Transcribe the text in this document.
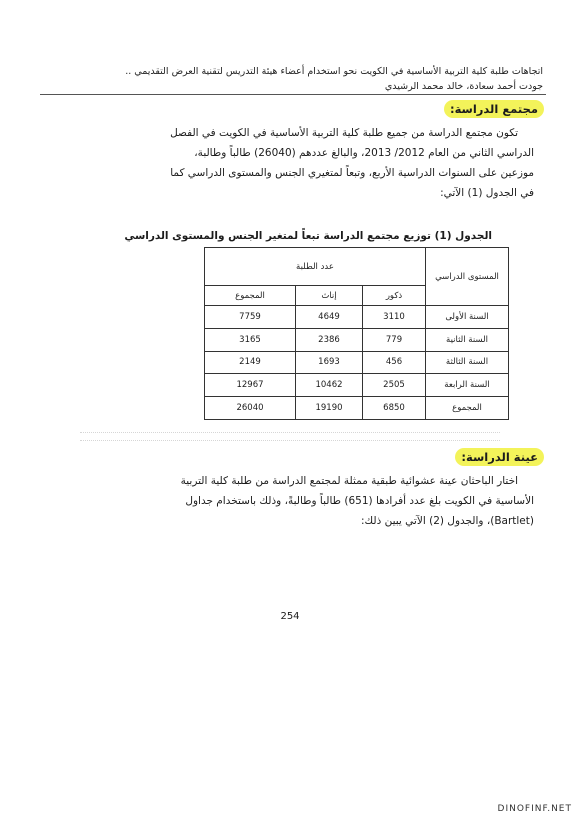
اتجاهات طلبة كلية التربية الأساسية في الكويت نحو استخدام أعضاء هيئة التدريس لتقنية العرض التقديمي ..
جودت أحمد سعادة، خالد محمد الرشيدي
مجتمع الدراسة:
تكون مجتمع الدراسة من جميع طلبة كلية التربية الأساسية في الكويت في الفصل
الدراسي الثاني من العام 2012/ 2013، والبالغ عددهم (26040) طالباً وطالبة،
موزعين على السنوات الدراسية الأربع، وتبعاً لمتغيري الجنس والمستوى الدراسي كما
في الجدول (1) الآتي:
الجدول (1) توزيع مجتمع الدراسة تبعاً لمتغير الجنس والمستوى الدراسي
المستوى الدراسي	عدد الطلبة		
	ذكور	إناث	المجموع
السنة الأولى	3110	4649	7759
السنة الثانية	779	2386	3165
السنة الثالثة	456	1693	2149
السنة الرابعة	2505	10462	12967
المجموع	6850	19190	26040
عينة الدراسة:
اختار الباحثان عينة عشوائية طبقية ممثلة لمجتمع الدراسة من طلبة كلية التربية
الأساسية في الكويت بلغ عدد أفرادها (651) طالباً وطالبةً، وذلك باستخدام جداول
(Bartlet)، والجدول (2) الآتي يبين ذلك:
254
DINOFINF.NET
